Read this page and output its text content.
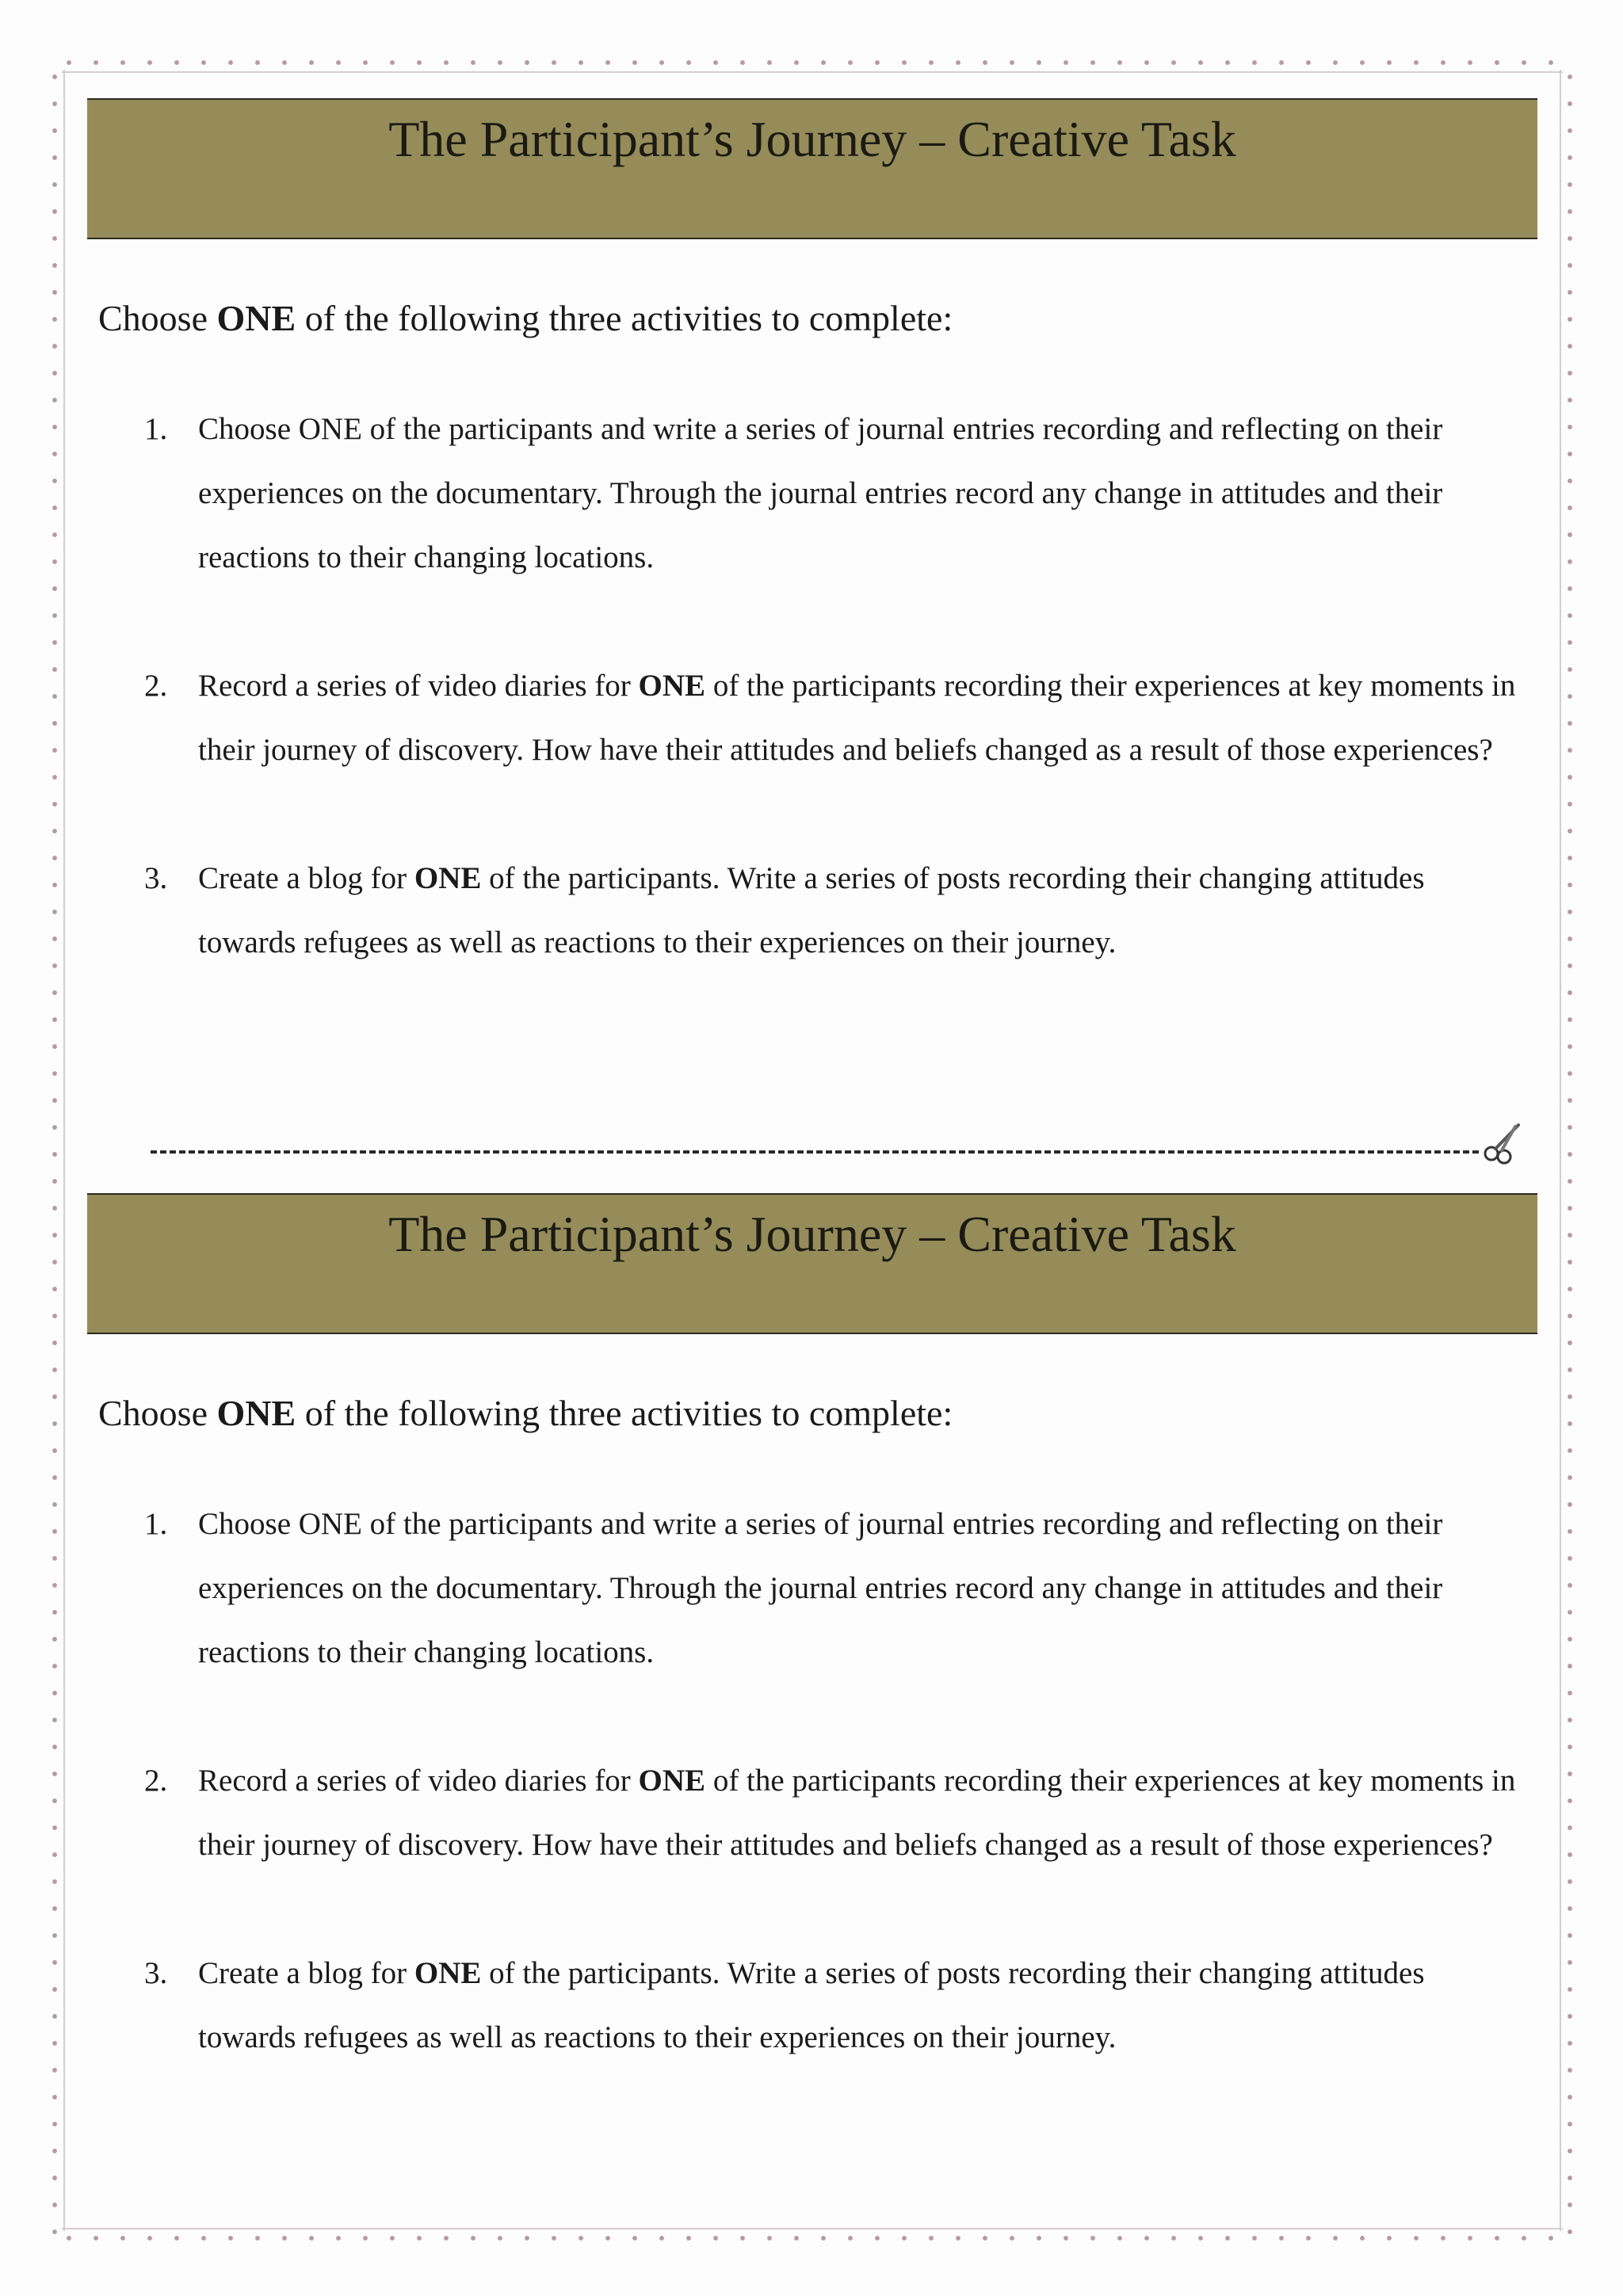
The Participant’s Journey – Creative Task

Choose ONE of the following three activities to complete:

1. Choose ONE of the participants and write a series of journal entries recording and reflecting on their experiences on the documentary. Through the journal entries record any change in attitudes and their reactions to their changing locations.
2. Record a series of video diaries for ONE of the participants recording their experiences at key moments in their journey of discovery. How have their attitudes and beliefs changed as a result of those experiences?
3. Create a blog for ONE of the participants. Write a series of posts recording their changing attitudes towards refugees as well as reactions to their experiences on their journey.
The Participant’s Journey – Creative Task

Choose ONE of the following three activities to complete:

1. Choose ONE of the participants and write a series of journal entries recording and reflecting on their experiences on the documentary. Through the journal entries record any change in attitudes and their reactions to their changing locations.
2. Record a series of video diaries for ONE of the participants recording their experiences at key moments in their journey of discovery. How have their attitudes and beliefs changed as a result of those experiences?
3. Create a blog for ONE of the participants. Write a series of posts recording their changing attitudes towards refugees as well as reactions to their experiences on their journey.
